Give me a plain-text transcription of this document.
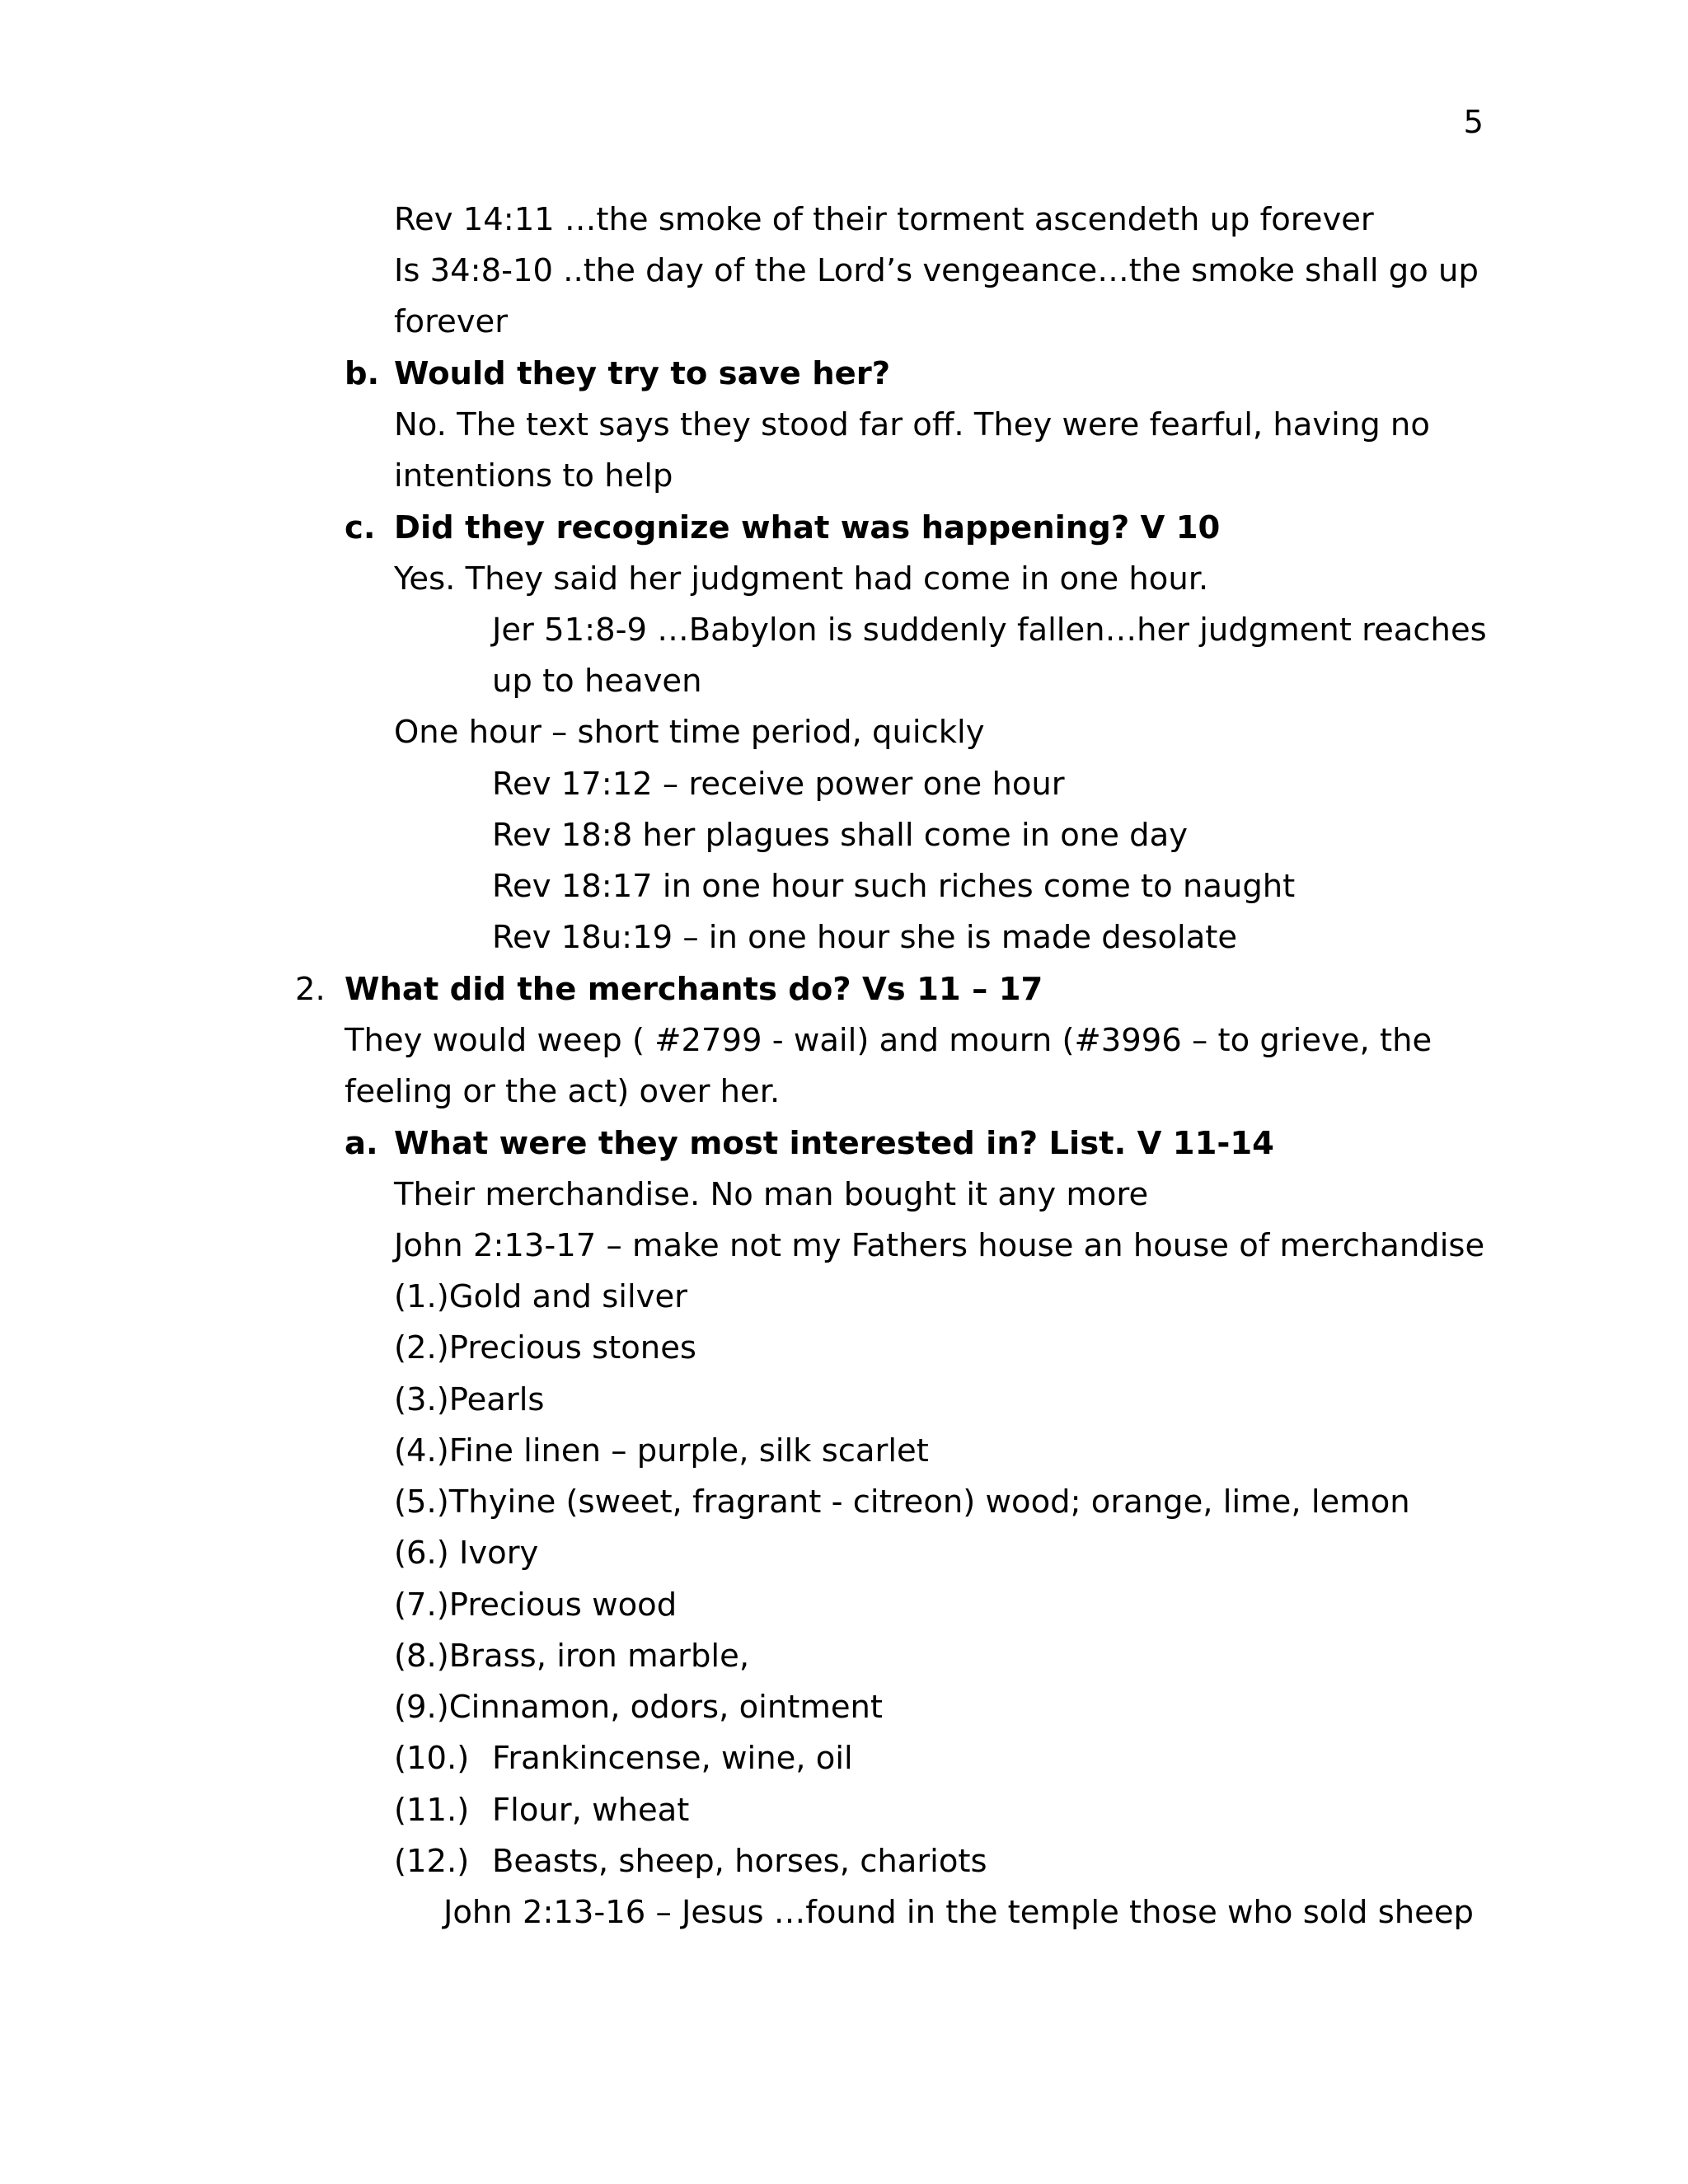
5
Rev 14:11 …the smoke of their torment ascendeth up forever
Is 34:8-10 ..the day of the Lord’s vengeance…the smoke shall go up
forever
b. Would they try to save her?
No. The text says they stood far off. They were fearful, having no
intentions to help
c. Did they recognize what was happening? V 10
Yes. They said her judgment had come in one hour.
Jer 51:8-9 …Babylon is suddenly fallen…her judgment reaches
up to heaven
One hour – short time period, quickly
Rev 17:12 – receive power one hour
Rev 18:8 her plagues shall come in one day
Rev 18:17 in one hour such riches come to naught
Rev 18u:19 – in one hour she is made desolate
2. What did the merchants do? Vs 11 – 17
They would weep ( #2799 - wail) and mourn (#3996 – to grieve, the
feeling or the act) over her.
a. What were they most interested in? List. V 11-14
Their merchandise. No man bought it any more
John 2:13-17 – make not my Fathers house an house of merchandise
(1.)Gold and silver
(2.)Precious stones
(3.)Pearls
(4.)Fine linen – purple, silk scarlet
(5.)Thyine (sweet, fragrant - citreon) wood; orange, lime, lemon
(6.) Ivory
(7.)Precious wood
(8.)Brass, iron marble,
(9.)Cinnamon, odors, ointment
(10.) Frankincense, wine, oil
(11.) Flour, wheat
(12.) Beasts, sheep, horses, chariots
John 2:13-16 – Jesus …found in the temple those who sold sheep
